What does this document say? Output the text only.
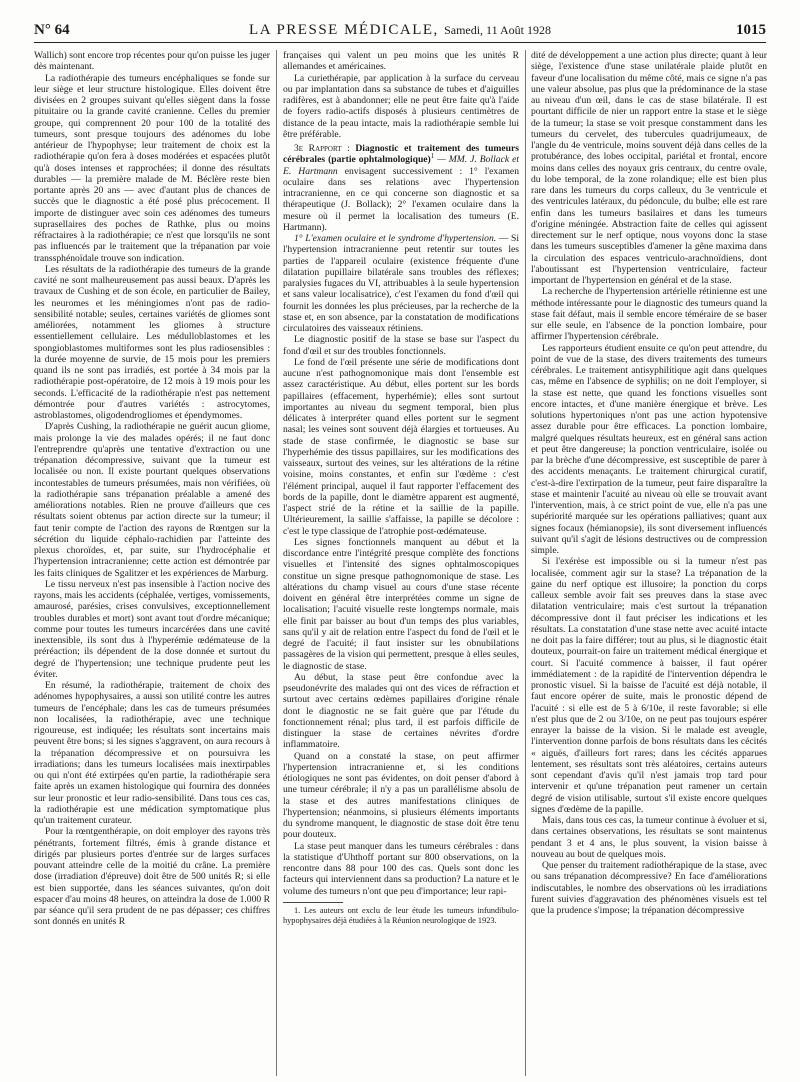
N° 64	LA PRESSE MÉDICALE, Samedi, 11 Août 1928	1015

Wallich) sont encore trop récentes pour qu'on puisse les juger dès maintenant.

La radiothérapie des tumeurs encéphaliques se fonde sur leur siège et leur structure histologique. Elles doivent être divisées en 2 groupes suivant qu'elles siègent dans la fosse pituitaire ou la grande cavité cranienne. Celles du premier groupe, qui comprennent 20 pour 100 de la totalité des tumeurs, sont presque toujours des adénomes du lobe antérieur de l'hypophyse; leur traitement de choix est la radiothérapie qu'on fera à doses modérées et espacées plutôt qu'à doses intenses et rapprochées; il donne des résultats durables — la première malade de M. Béclère reste bien portante après 20 ans — avec d'autant plus de chances de succès que le diagnostic a été posé plus précocement. Il importe de distinguer avec soin ces adénomes des tumeurs suprasellaires des poches de Rathke, plus ou moins réfractaires à la radiothérapie; ce n'est que lorsqu'ils ne sont pas influencés par le traitement que la trépanation par voie transsphénoïdale trouve son indication.

Les résultats de la radiothérapie des tumeurs de la grande cavité ne sont malheureusement pas aussi beaux. D'après les travaux de Cushing et de son école, en particulier de Bailey, les neuromes et les méningiomes n'ont pas de radio-sensibilité notable; seules, certaines variétés de gliomes sont améliorées, notamment les gliomes à structure essentiellement cellulaire. Les médulloblastomes et les spongioblastomes multiformes sont les plus radiosensibles : la durée moyenne de survie, de 15 mois pour les premiers quand ils ne sont pas irradiés, est portée à 34 mois par la radiothérapie post-opératoire, de 12 mois à 19 mois pour les seconds. L'efficacité de la radiothérapie n'est pas nettement démontrée pour d'autres variétés : astrocytomes, astroblastomes, oligodendrogliomes et épendymomes.

D'après Cushing, la radiothérapie ne guérit aucun gliome, mais prolonge la vie des malades opérés; il ne faut donc l'entreprendre qu'après une tentative d'extraction ou une trépanation décompressive, suivant que la tumeur est localisée ou non. Il existe pourtant quelques observations incontestables de tumeurs présumées, mais non vérifiées, où la radiothérapie sans trépanation préalable a amené des améliorations notables. Rien ne prouve d'ailleurs que ces résultats soient obtenus par action directe sur la tumeur; il faut tenir compte de l'action des rayons de Rœntgen sur la sécrétion du liquide céphalo-rachidien par l'atteinte des plexus choroïdes, et, par suite, sur l'hydrocéphalie et l'hypertension intracranienne; cette action est démontrée par les faits cliniques de Sgalitzer et les expériences de Marburg.

Le tissu nerveux n'est pas insensible à l'action nocive des rayons, mais les accidents (céphalée, vertiges, vomissements, amaurosé, parésies, crises convulsives, exceptionnellement troubles durables et mort) sont avant tout d'ordre mécanique; comme pour toutes les tumeurs incarcérées dans une cavité inextensible, ils sont dus à l'hyperémie œdémateuse de la préréaction; ils dépendent de la dose donnée et surtout du degré de l'hypertension; une technique prudente peut les éviter.

En résumé, la radiothérapie, traitement de choix des adénomes hypophysaires, a aussi son utilité contre les autres tumeurs de l'encéphale; dans les cas de tumeurs présumées non localisées, la radiothérapie, avec une technique rigoureuse, est indiquée; les résultats sont incertains mais peuvent être bons; si les signes s'aggravent, on aura recours à la trépanation décompressive et on poursuivra les irradiations; dans les tumeurs localisées mais inextirpables ou qui n'ont été extirpées qu'en partie, la radiothérapie sera faite après un examen histologique qui fournira des données sur leur pronostic et leur radio-sensibilité. Dans tous ces cas, la radiothérapie est une médication symptomatique plus qu'un traitement curateur.

Pour la rœntgenthérapie, on doit employer des rayons très pénétrants, fortement filtrés, émis à grande distance et dirigés par plusieurs portes d'entrée sur de larges surfaces pouvant atteindre celle de la moitié du crâne. La première dose (irradiation d'épreuve) doit être de 500 unités R; si elle est bien supportée, dans les séances suivantes, qu'on doit espacer d'au moins 48 heures, on atteindra la dose de 1.000 R par séance qu'il sera prudent de ne pas dépasser; ces chiffres sont donnés en unités R

françaises qui valent un peu moins que les unités R allemandes et américaines.

La curiethérapie, par application à la surface du cerveau ou par implantation dans sa substance de tubes et d'aiguilles radifères, est à abandonner; elle ne peut être faite qu'à l'aide de foyers radio-actifs disposés à plusieurs centimètres de distance de la peau intacte, mais la radiothérapie semble lui être préférable.

3e Rapport : Diagnostic et traitement des tumeurs cérébrales (partie ophtalmologique)$^1$ — MM. J. Bollack et E. Hartmann envisagent successivement : 1° l'examen oculaire dans ses relations avec l'hypertension intracranienne, en ce qui concerne son diagnostic et sa thérapeutique (J. Bollack); 2° l'examen oculaire dans la mesure où il permet la localisation des tumeurs (E. Hartmann).

1° L'examen oculaire et le syndrome d'hypertension. — Si l'hypertension intracranienne peut retentir sur toutes les parties de l'appareil oculaire (existence fréquente d'une dilatation pupillaire bilatérale sans troubles des réflexes; paralysies fugaces du VI, attribuables à la seule hypertension et sans valeur localisatrice), c'est l'examen du fond d'œil qui fournit les données les plus précieuses, par la recherche de la stase et, en son absence, par la constatation de modifications circulatoires des vaisseaux rétiniens.

Le diagnostic positif de la stase se base sur l'aspect du fond d'œil et sur des troubles fonctionnels.

Le fond de l'œil présente une série de modifications dont aucune n'est pathognomonique mais dont l'ensemble est assez caractéristique. Au début, elles portent sur les bords papillaires (effacement, hyperhémie); elles sont surtout importantes au niveau du segment temporal, bien plus délicates à interpréter quand elles portent sur le segment nasal; les veines sont souvent déjà élargies et tortueuses. Au stade de stase confirmée, le diagnostic se base sur l'hyperhémie des tissus papillaires, sur les modifications des vaisseaux, surtout des veines, sur les altérations de la rétine voisine, moins constantes, et enfin sur l'œdème : c'est l'élément principal, auquel il faut rapporter l'effacement des bords de la papille, dont le diamètre apparent est augmenté, l'aspect strié de la rétine et la saillie de la papille. Ultérieurement, la saillie s'affaisse, la papille se décolore : c'est le type classique de l'atrophie post-œdémateuse.

Les signes fonctionnels manquent au début et la discordance entre l'intégrité presque complète des fonctions visuelles et l'intensité des signes ophtalmoscopiques constitue un signe presque pathognomonique de stase. Les altérations du champ visuel au cours d'une stase récente doivent en général être interprétées comme un signe de localisation; l'acuité visuelle reste longtemps normale, mais elle finit par baisser au bout d'un temps des plus variables, sans qu'il y ait de relation entre l'aspect du fond de l'œil et le degré de l'acuité; il faut insister sur les obnubilations passagères de la vision qui permettent, presque à elles seules, le diagnostic de stase.

Au début, la stase peut être confondue avec la pseudonévrite des malades qui ont des vices de réfraction et surtout avec certains œdèmes papillaires d'origine rénale dont le diagnostic ne se fait guère que par l'étude du fonctionnement rénal; plus tard, il est parfois difficile de distinguer la stase de certaines névrites d'ordre inflammatoire.

Quand on a constaté la stase, on peut affirmer l'hypertension intracranienne et, si les conditions étiologiques ne sont pas évidentes, on doit penser d'abord à une tumeur cérébrale; il n'y a pas un parallélisme absolu de la stase et des autres manifestations cliniques de l'hypertension; néanmoins, si plusieurs éléments importants du syndrome manquent, le diagnostic de stase doit être tenu pour douteux.

La stase peut manquer dans les tumeurs cérébrales : dans la statistique d'Uhthoff portant sur 800 observations, on la rencontre dans 88 pour 100 des cas. Quels sont donc les facteurs qui interviennent dans sa production? La nature et le volume des tumeurs n'ont que peu d'importance; leur rapi-

1. Les auteurs ont exclu de leur étude les tumeurs infundibulo-hypophysaires déjà étudiées à la Réunion neurologique de 1923.

dité de développement a une action plus directe; quant à leur siège, l'existence d'une stase unilatérale plaide plutôt en faveur d'une localisation du même côté, mais ce signe n'a pas une valeur absolue, pas plus que la prédominance de la stase au niveau d'un œil, dans le cas de stase bilatérale. Il est pourtant difficile de nier un rapport entre la stase et le siège de la tumeur; la stase se voit presque constamment dans les tumeurs du cervelet, des tubercules quadrijumeaux, de l'angle du 4e ventricule, moins souvent déjà dans celles de la protubérance, des lobes occipital, pariétal et frontal, encore moins dans celles des noyaux gris centraux, du centre ovale, du lobe temporal, de la zone rolandique; elle est bien plus rare dans les tumeurs du corps calleux, du 3e ventricule et des ventricules latéraux, du pédoncule, du bulbe; elle est rare enfin dans les tumeurs basilaires et dans les tumeurs d'origine méningée. Abstraction faite de celles qui agissent directement sur le nerf optique, nous voyons donc la stase dans les tumeurs susceptibles d'amener la gêne maxima dans la circulation des espaces ventriculo-arachnoïdiens, dont l'aboutissant est l'hypertension ventriculaire, facteur important de l'hypertension en général et de la stase.

La recherche de l'hypertension artérielle rétinienne est une méthode intéressante pour le diagnostic des tumeurs quand la stase fait défaut, mais il semble encore téméraire de se baser sur elle seule, en l'absence de la ponction lombaire, pour affirmer l'hypertension cérébrale.

Les rapporteurs étudient ensuite ce qu'on peut attendre, du point de vue de la stase, des divers traitements des tumeurs cérébrales. Le traitement antisyphilitique agit dans quelques cas, même en l'absence de syphilis; on ne doit l'employer, si la stase est nette, que quand les fonctions visuelles sont encore intactes, et d'une manière énergique et brève. Les solutions hypertoniques n'ont pas une action hypotensive assez durable pour être efficaces. La ponction lombaire, malgré quelques résultats heureux, est en général sans action et peut être dangereuse; la ponction ventriculaire, isolée ou par la brèche d'une décompressive, est susceptible de parer à des accidents menaçants. Le traitement chirurgical curatif, c'est-à-dire l'extirpation de la tumeur, peut faire disparaître la stase et maintenir l'acuité au niveau où elle se trouvait avant l'intervention, mais, à ce strict point de vue, elle n'a pas une supériorité marquée sur les opérations palliatives; quant aux signes focaux (hémianopsie), ils sont diversement influencés suivant qu'il s'agit de lésions destructives ou de compression simple.

Si l'exérèse est impossible ou si la tumeur n'est pas localisée, comment agir sur la stase? La trépanation de la gaine du nerf optique est illusoire; la ponction du corps calleux semble avoir fait ses preuves dans la stase avec dilatation ventriculaire; mais c'est surtout la trépanation décompressive dont il faut préciser les indications et les résultats. La constatation d'une stase nette avec acuité intacte ne doit pas la faire différer; tout au plus, si le diagnostic était douteux, pourrait-on faire un traitement médical énergique et court. Si l'acuité commence à baisser, il faut opérer immédiatement : de la rapidité de l'intervention dépendra le pronostic visuel. Si la baisse de l'acuité est déjà notable, il faut encore opérer de suite, mais le pronostic dépend de l'acuité : si elle est de 5 à 6/10e, il reste favorable; si elle n'est plus que de 2 ou 3/10e, on ne peut pas toujours espérer enrayer la baisse de la vision. Si le malade est aveugle, l'intervention donne parfois de bons résultats dans les cécités « aiguës, d'ailleurs fort rares; dans les cécités apparues lentement, ses résultats sont très aléatoires, certains auteurs sont cependant d'avis qu'il n'est jamais trop tard pour intervenir et qu'une trépanation peut ramener un certain degré de vision utilisable, surtout s'il existe encore quelques signes d'œdème de la papille.

Mais, dans tous ces cas, la tumeur continue à évoluer et si, dans certaines observations, les résultats se sont maintenus pendant 3 et 4 ans, le plus souvent, la vision baisse à nouveau au bout de quelques mois.

Que penser du traitement radiothérapique de la stase, avec ou sans trépanation décompressive? En face d'améliorations indiscutables, le nombre des observations où les irradiations furent suivies d'aggravation des phénomènes visuels est tel que la prudence s'impose; la trépanation décompressive
